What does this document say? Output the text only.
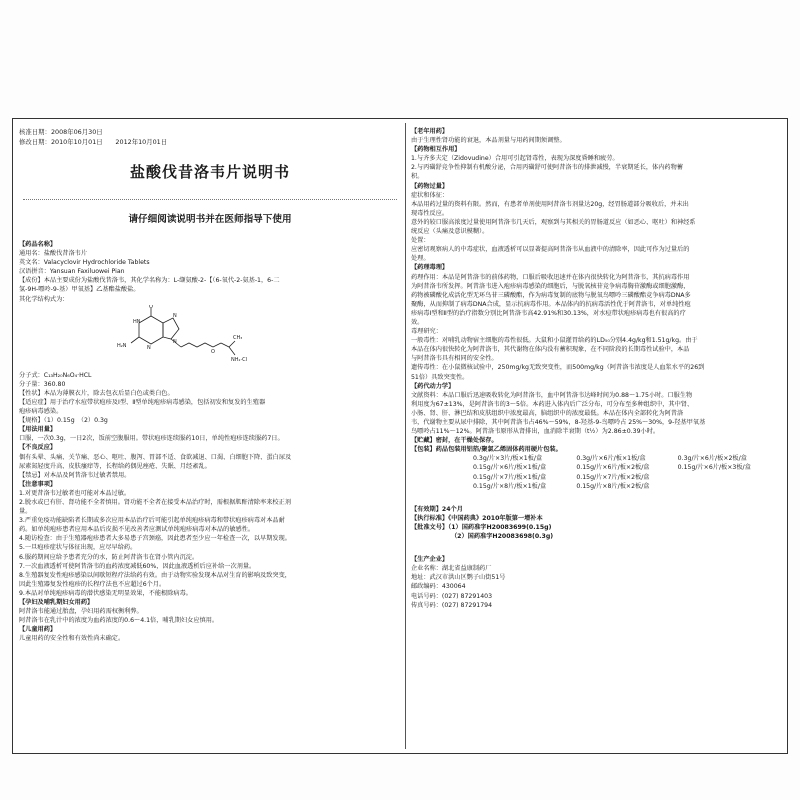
核准日期：2008年06月30日
修改日期：2010年10月01日　　2012年10月01日
盐酸伐昔洛韦片说明书
请仔细阅读说明书并在医师指导下使用
【药品名称】
通用名：盐酸伐昔洛韦片
英文名：Valacyclovir Hydrochloride Tablets
汉语拼音：Yansuan Faxiluowei Pian
【成份】本品主要成份为盐酸伐昔洛韦，其化学名称为：L-缬氨酸-2-【（6-氧代-2-氨基-1，6-二
氢-9H-嘌呤-9-基）甲氧基】乙基酯盐酸盐。
其化学结构式为：
O
HN
H₂N	N
N
N
O
CH₃
NH₂·Cl
分子式：C₁₃H₂₀N₆O₄·HCL
分子量：360.80
【性状】本品为薄膜衣片，除去包衣后显白色或类白色。
【适应症】用于治疗水痘带状疱疹及Ⅰ型、Ⅱ型单纯疱疹病毒感染，包括初发和复发的生殖器
疱疹病毒感染。
【规格】（1）0.15g　（2）0.3g
【用法用量】
口服，一次0.3g，一日2次，饭前空腹服用。带状疱疹连续服药10日，单纯性疱疹连续服药7日。
【不良反应】
偶有头晕、头痛、关节痛、恶心、呕吐、腹泻、胃部不适、食欲减退、口渴、白细胞下降、蛋白尿及
尿素氮轻度升高、皮肤瘙痒等，长程给药偶见痤疮、失眠、月经紊乱。
【禁忌】对本品及阿昔洛韦过敏者禁用。
【注意事项】
1.对更昔洛韦过敏者也可能对本品过敏。
2.脱水或已有肝、肾功能不全者慎用。肾功能不全者在接受本品治疗时，需根据肌酐清除率来校正剂
量。
3.严重免疫功能缺陷者长期或多次应用本品治疗后可能引起单纯疱疹病毒和带状疱疹病毒对本品耐
药。如单纯疱疹患者应用本品后皮损不见改善者应测试单纯疱疹病毒对本品的敏感性。
4.随访检查：由于生殖器疱疹患者大多易患子宫颈癌，因此患者至少应一年检查一次，以早期发现。
5.一旦疱疹症状与体征出现，应尽早给药。
6.服药期间应给予患者充分的水，防止阿昔洛韦在肾小管内沉淀。
7.一次血液透析可使阿昔洛韦的血药浓度减低60%，因此血液透析后应补给一次剂量。
8.生殖器复发性疱疹感染以间歇短程疗法给药有效。由于动物实验发现本品对生育的影响及致突变，
因此生殖器复发性疱疹的长程疗法也不应超过6个月。
9.本品对单纯疱疹病毒的潜伏感染无明显效果，不能根除病毒。
【孕妇及哺乳期妇女用药】
阿昔洛韦能通过胎盘，孕妇用药需权衡利弊。
阿昔洛韦在乳汁中的浓度为血药浓度的0.6～4.1倍，哺乳期妇女应慎用。
【儿童用药】
儿童用药的安全性和有效性尚未确定。
【老年用药】
由于生理性肾功能的衰退，本品剂量与用药间期须调整。
【药物相互作用】
1.与齐多夫定（Zidovudine）合用可引起肾毒性，表现为深度昏睡和疲劳。
2.与丙磺舒竞争性抑制有机酸分泌，合用丙磺舒可使阿昔洛韦的排泄减慢，半衰期延长，体内药物蓄
积。
【药物过量】
症状和体征：
本品用药过量的资料有限。然而，有患者单剂使用阿昔洛韦剂量达20g，经胃肠道部分吸收后，并未出
现毒性反应。
意外的较口服高浓度过量使用阿昔洛韦几天后，观察到与其相关的胃肠道反应（如恶心、呕吐）和神经系
统反应（头痛及意识模糊）。
处置：
应密切观察病人的中毒症状，血液透析可以显著提高阿昔洛韦从血液中的清除率，因此可作为过量后的
处理。
【药理毒理】
药理作用：本品是阿昔洛韦的前体药物，口服后吸收迅速并在体内很快转化为阿昔洛韦，其抗病毒作用
为阿昔洛韦所发挥。阿昔洛韦进入疱疹病毒感染的细胞后，与脱氧核苷竞争病毒胸苷激酶或细胞激酶，
药物被磷酸化成活化型无环鸟苷三磷酸酯，作为病毒复制的底物与脱氧鸟嘌呤三磷酸酯竞争病毒DNA多
聚酶，从而抑制了病毒DNA合成，显示抗病毒作用。本品体内的抗病毒活性优于阿昔洛韦，对单纯性疱
疹病毒Ⅰ型和Ⅱ型的治疗指数分别比阿昔洛韦高42.91%和30.13%，对水痘带状疱疹病毒也有很高的疗
效。
毒理研究：
一般毒性：对哺乳动物宿主细胞的毒性很低。大鼠和小鼠灌胃给药的LD₅₀分别4.4g/kg和1.51g/kg。由于
本品在体内很快转化为阿昔洛韦，其代谢物在体内没有蓄积现象，在不同阶段的长期毒性试验中，本品
与阿昔洛韦具有相同的安全性。
遗传毒性：在小鼠微核试验中，250mg/kg无致突变性，而500mg/kg（阿昔洛韦浓度是人血浆水平的26到
51倍）具致突变性。
【药代动力学】
文献资料：本品口服后迅速吸收转化为阿昔洛韦，血中阿昔洛韦达峰时间为0.88～1.75小时。口服生物
利用度为67±13%，是阿昔洛韦的3～5倍。本药进入体内后广泛分布，可分布至多种组织中，其中肾、
小肠、肾、肝、淋巴结和皮肤组织中浓度最高，脑组织中的浓度最低。本品在体内全部转化为阿昔洛
韦，代谢物主要从尿中排除，其中阿昔洛韦占46%～59%，8-羟基-9-鸟嘌呤占 25%～30%，9-羟基甲氧基
鸟嘌呤占11%～12%。阿昔洛韦原形从肾排出，血消除半衰期（t½）为2.86±0.39小时。
【贮藏】密封，在干燥处保存。
【包装】药品包装用铝箔/聚氯乙烯固体药用硬片包装。
0.3g/片×3片/板×1板/盒	0.3g/片×6片/板×1板/盒	0.3g/片×6片/板×2板/盒
0.15g/片×6片/板×1板/盒	0.15g/片×6片/板×2板/盒	0.15g/片×6片/板×3板/盒
0.15g/片×7片/板×1板/盒	0.15g/片×7片/板×2板/盒
0.15g/片×8片/板×1板/盒	0.15g/片×8片/板×2板/盒
【有效期】24个月
【执行标准】《中国药典》2010年版第一增补本
【批准文号】（1）国药准字H20083699(0.15g)
（2）国药准字H20083698(0.3g)
【生产企业】
企业名称：湖北省益康制药厂
地址：武汉市洪山区鹦子山街51号
邮政编码：430064
电话号码：(027) 87291403
传真号码：(027) 87291794
